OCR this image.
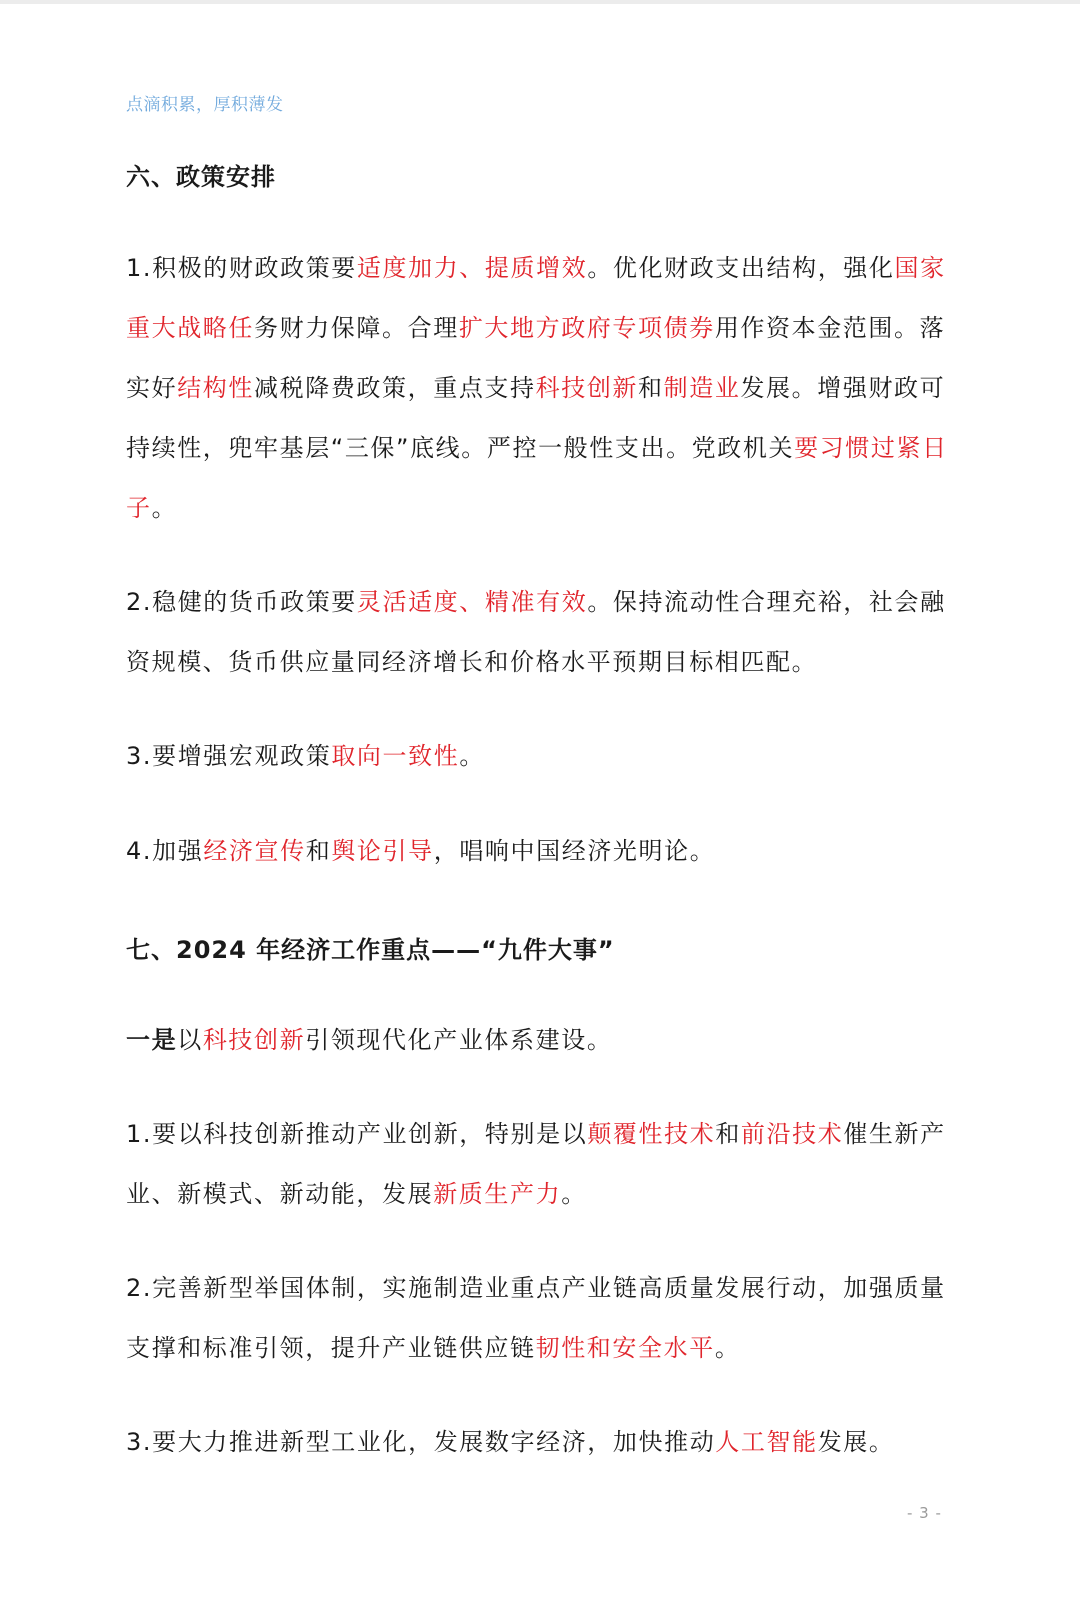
点滴积累，厚积薄发
六、政策安排
1.积极的财政政策要适度加力、提质增效。优化财政支出结构，强化国家重大战略任务财力保障。合理扩大地方政府专项债券用作资本金范围。落实好结构性减税降费政策，重点支持科技创新和制造业发展。增强财政可持续性，兜牢基层“三保”底线。严控一般性支出。党政机关要习惯过紧日子。
2.稳健的货币政策要灵活适度、精准有效。保持流动性合理充裕，社会融资规模、货币供应量同经济增长和价格水平预期目标相匹配。
3.要增强宏观政策取向一致性。
4.加强经济宣传和舆论引导，唱响中国经济光明论。
七、2024 年经济工作重点——“九件大事”
一是以科技创新引领现代化产业体系建设。
1.要以科技创新推动产业创新，特别是以颠覆性技术和前沿技术催生新产业、新模式、新动能，发展新质生产力。
2.完善新型举国体制，实施制造业重点产业链高质量发展行动，加强质量支撑和标准引领，提升产业链供应链韧性和安全水平。
3.要大力推进新型工业化，发展数字经济，加快推动人工智能发展。
- 3 -
